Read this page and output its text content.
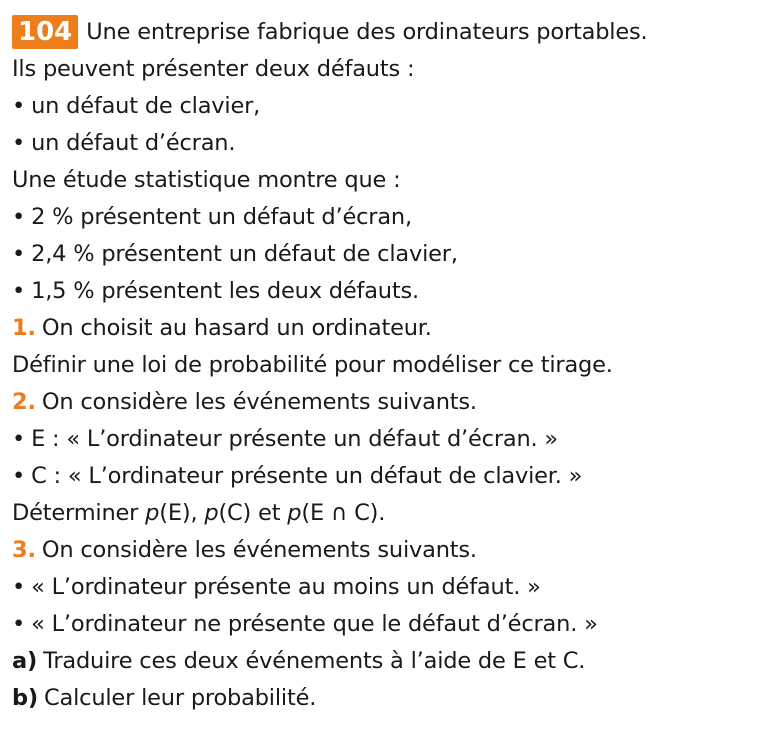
104 Une entreprise fabrique des ordinateurs portables.
Ils peuvent présenter deux défauts :
• un défaut de clavier,
• un défaut d’écran.
Une étude statistique montre que :
• 2 % présentent un défaut d’écran,
• 2,4 % présentent un défaut de clavier,
• 1,5 % présentent les deux défauts.
1. On choisit au hasard un ordinateur.
Définir une loi de probabilité pour modéliser ce tirage.
2. On considère les événements suivants.
• E : « L’ordinateur présente un défaut d’écran. »
• C : « L’ordinateur présente un défaut de clavier. »
Déterminer p(E), p(C) et p(E ∩ C).
3. On considère les événements suivants.
• « L’ordinateur présente au moins un défaut. »
• « L’ordinateur ne présente que le défaut d’écran. »
a) Traduire ces deux événements à l’aide de E et C.
b) Calculer leur probabilité.
